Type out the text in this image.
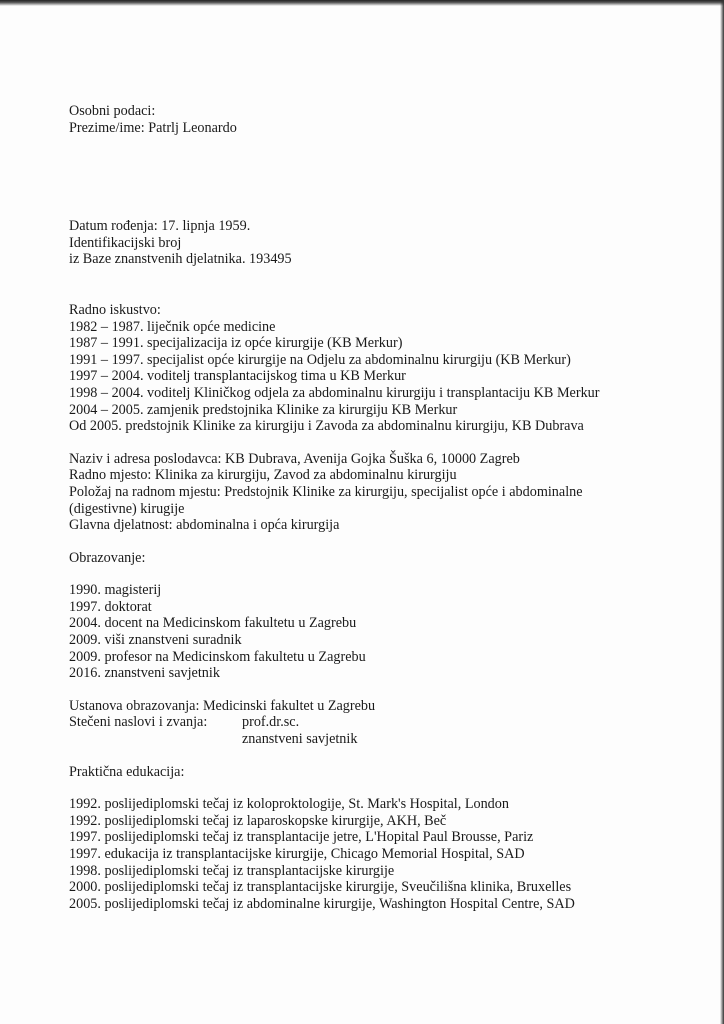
Osobni podaci:
Prezime/ime: Patrlj Leonardo
Datum rođenja: 17. lipnja 1959.
Identifikacijski broj
iz Baze znanstvenih djelatnika. 193495
Radno iskustvo:
1982 – 1987. liječnik opće medicine
1987 – 1991. specijalizacija iz opće kirurgije (KB Merkur)
1991 – 1997. specijalist opće kirurgije na Odjelu za abdominalnu kirurgiju (KB Merkur)
1997 – 2004. voditelj transplantacijskog tima u KB Merkur
1998 – 2004. voditelj Kliničkog odjela za abdominalnu kirurgiju i transplantaciju KB Merkur
2004 – 2005. zamjenik predstojnika Klinike za kirurgiju KB Merkur
Od 2005. predstojnik Klinike za kirurgiju i Zavoda za abdominalnu kirurgiju, KB Dubrava
Naziv i adresa poslodavca: KB Dubrava, Avenija Gojka Šuška 6, 10000 Zagreb
Radno mjesto: Klinika za kirurgiju, Zavod za abdominalnu kirurgiju
Položaj na radnom mjestu: Predstojnik Klinike za kirurgiju, specijalist opće i abdominalne
(digestivne) kirugije
Glavna djelatnost: abdominalna i opća kirurgija
Obrazovanje:
1990. magisterij
1997. doktorat
2004. docent na Medicinskom fakultetu u Zagrebu
2009. viši znanstveni suradnik
2009. profesor na Medicinskom fakultetu u Zagrebu
2016. znanstveni savjetnik
Ustanova obrazovanja: Medicinski fakultet u Zagrebu
Stečeni naslovi i zvanja:	prof.dr.sc.
znanstveni savjetnik
Praktična edukacija:
1992. poslijediplomski tečaj iz koloproktologije, St. Mark's Hospital, London
1992. poslijediplomski tečaj iz laparoskopske kirurgije, AKH, Beč
1997. poslijediplomski tečaj iz transplantacije jetre, L'Hopital Paul Brousse, Pariz
1997. edukacija iz transplantacijske kirurgije, Chicago Memorial Hospital, SAD
1998. poslijediplomski tečaj iz transplantacijske kirurgije
2000. poslijediplomski tečaj iz transplantacijske kirurgije, Sveučilišna klinika, Bruxelles
2005. poslijediplomski tečaj iz abdominalne kirurgije, Washington Hospital Centre, SAD
